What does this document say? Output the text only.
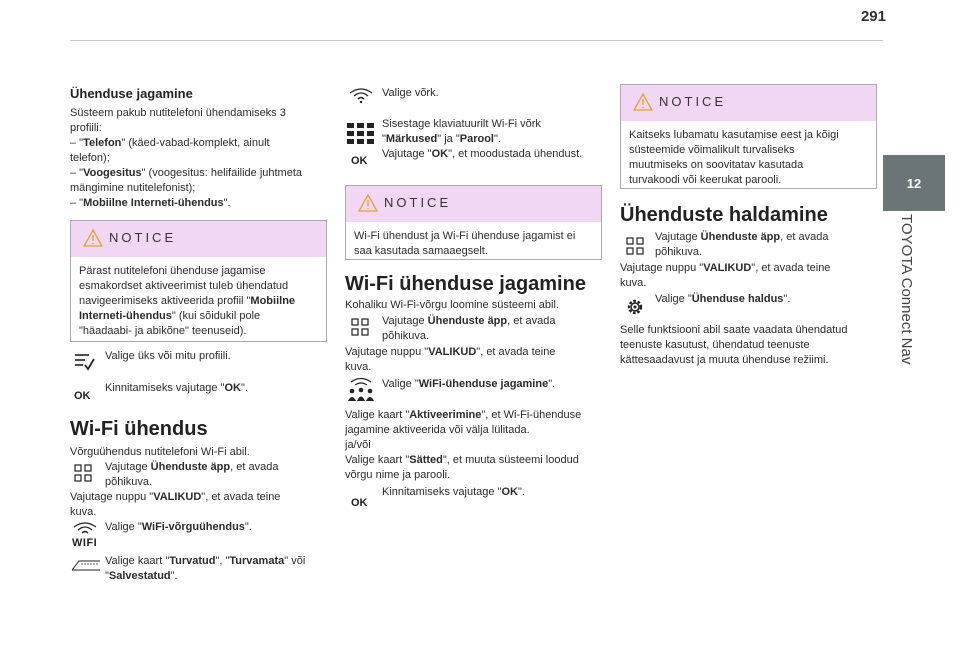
291
12
TOYOTA Connect Nav
Ühenduse jagamine

Süsteem pakub nutitelefoni ühendamiseks 3

profiili:

– "Telefon" (käed-vabad-komplekt, ainult

telefon);

– "Voogesitus" (voogesitus: helifailide juhtmeta

mängimine nutitelefonist);

– "Mobiilne Interneti-ühendus".

NOTICE
Pärast nutitelefoni ühenduse jagamise
esmakordset aktiveerimist tuleb ühendatud
navigeerimiseks aktiveerida profiil "Mobiilne
Interneti-ühendus" (kui sõidukil pole
"häadaabi- ja abikõne" teenuseid).

Valige üks või mitu profiili.

OK

Kinnitamiseks vajutage "OK".

Wi-Fi ühendus

Võrguühendus nutitelefoni Wi-Fi abil.

Vajutage Ühenduste äpp, et avada

põhikuva.

Vajutage nuppu "VALIKUD", et avada teine

kuva.

WIFI

Valige "WiFi-võrguühendus".

Valige kaart "Turvatud", "Turvamata" või

"Salvestatud".

Valige võrk.

OK

Sisestage klaviatuurilt Wi-Fi võrk

"Märkused" ja "Parool".

Vajutage "OK", et moodustada ühendust.

NOTICE
Wi-Fi ühendust ja Wi-Fi ühenduse jagamist ei
saa kasutada samaaegselt.
Wi-Fi ühenduse jagamine

Kohaliku Wi-Fi-võrgu loomine süsteemi abil.

Vajutage Ühenduste äpp, et avada

põhikuva.

Vajutage nuppu "VALIKUD", et avada teine

kuva.

Valige "WiFi-ühenduse jagamine".

Valige kaart "Aktiveerimine", et Wi-Fi-ühenduse

jagamine aktiveerida või välja lülitada.

ja/või

Valige kaart "Sätted", et muuta süsteemi loodud

võrgu nime ja parooli.

OK

Kinnitamiseks vajutage "OK".

NOTICE
Kaitseks lubamatu kasutamise eest ja kõigi
süsteemide võimalikult turvaliseks
muutmiseks on soovitatav kasutada
turvakoodi või keerukat parooli.
Ühenduste haldamine

Vajutage Ühenduste äpp, et avada

põhikuva.

Vajutage nuppu "VALIKUD", et avada teine

kuva.

Valige "Ühenduse haldus".

Selle funktsiooni abil saate vaadata ühendatud

teenuste kasutust, ühendatud teenuste

kättesaadavust ja muuta ühenduse režiimi.
